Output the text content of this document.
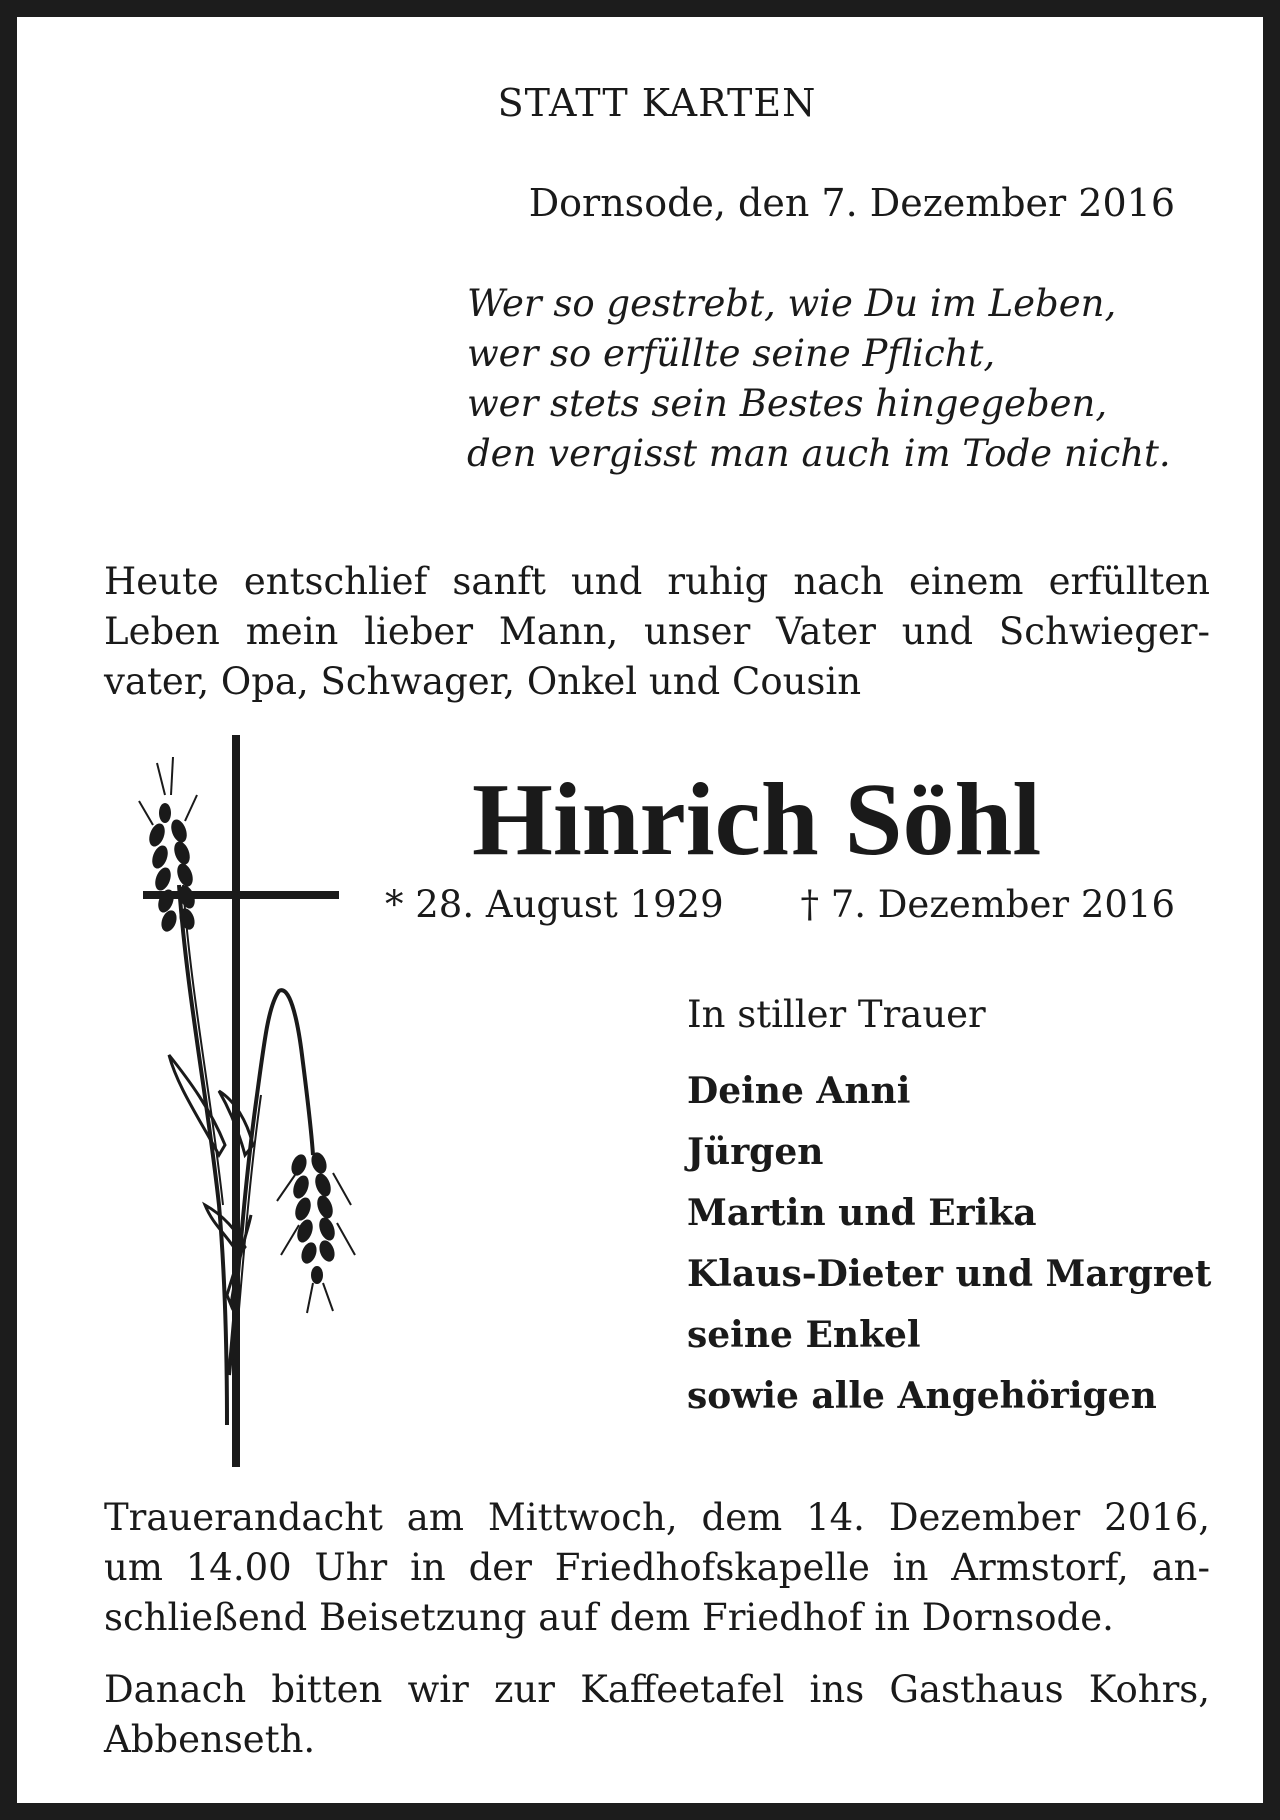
STATT KARTEN
Dornsode, den 7. Dezember 2016
Wer so gestrebt, wie Du im Leben,
wer so erfüllte seine Pflicht,
wer stets sein Bestes hingegeben,
den vergisst man auch im Tode nicht.
Heute entschlief sanft und ruhig nach einem erfüllten
Leben mein lieber Mann, unser Vater und Schwieger-
vater, Opa, Schwager, Onkel und Cousin
Hinrich Söhl
* 28. August 1929 † 7. Dezember 2016
In stiller Trauer
Deine Anni
Jürgen
Martin und Erika
Klaus-Dieter und Margret
seine Enkel
sowie alle Angehörigen
Trauerandacht am Mittwoch, dem 14. Dezember 2016,
um 14.00 Uhr in der Friedhofskapelle in Armstorf, an-
schließend Beisetzung auf dem Friedhof in Dornsode.
Danach bitten wir zur Kaffeetafel ins Gasthaus Kohrs,
Abbenseth.
